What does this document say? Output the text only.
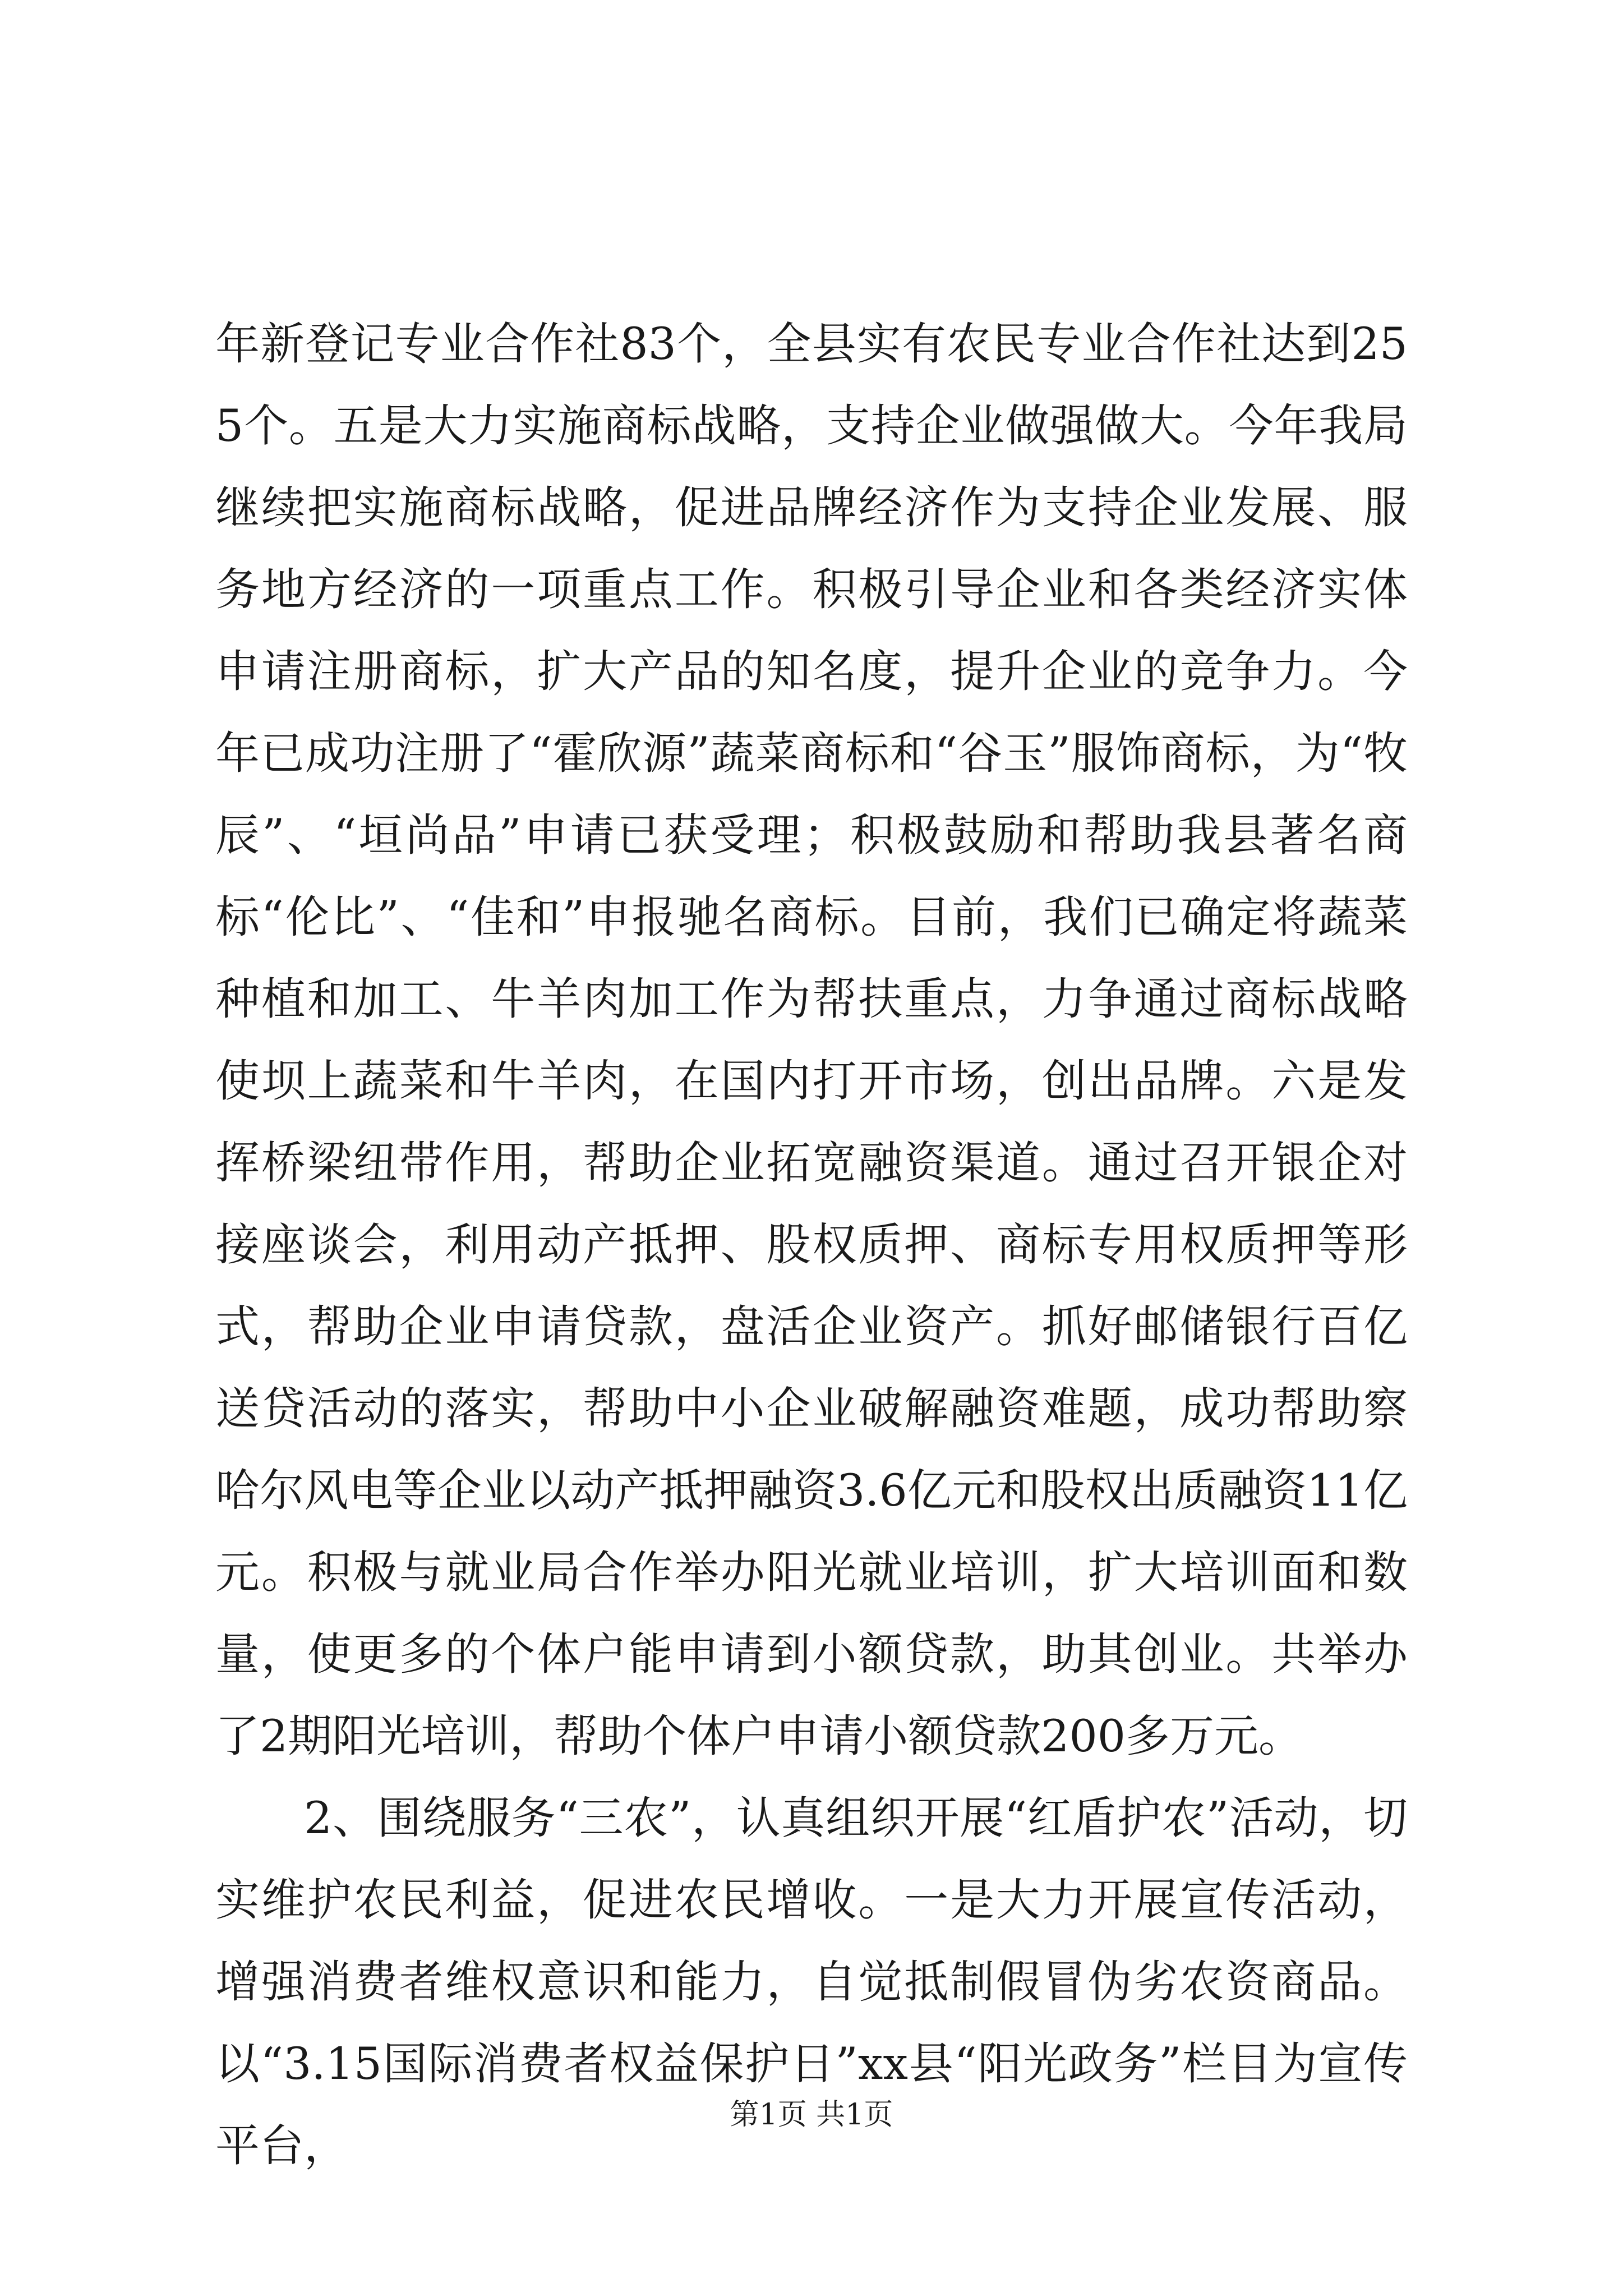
年新登记专业合作社83个，全县实有农民专业合作社达到255个。五是大力实施商标战略，支持企业做强做大。今年我局继续把实施商标战略，促进品牌经济作为支持企业发展、服务地方经济的一项重点工作。积极引导企业和各类经济实体申请注册商标，扩大产品的知名度，提升企业的竞争力。今年已成功注册了“霍欣源”蔬菜商标和“谷玉”服饰商标，为“牧辰”、“垣尚品”申请已获受理；积极鼓励和帮助我县著名商标“伦比”、“佳和”申报驰名商标。目前，我们已确定将蔬菜种植和加工、牛羊肉加工作为帮扶重点，力争通过商标战略使坝上蔬菜和牛羊肉，在国内打开市场，创出品牌。六是发挥桥梁纽带作用，帮助企业拓宽融资渠道。通过召开银企对接座谈会，利用动产抵押、股权质押、商标专用权质押等形式，帮助企业申请贷款，盘活企业资产。抓好邮储银行百亿送贷活动的落实，帮助中小企业破解融资难题，成功帮助察哈尔风电等企业以动产抵押融资3.6亿元和股权出质融资11亿元。积极与就业局合作举办阳光就业培训，扩大培训面和数量，使更多的个体户能申请到小额贷款，助其创业。共举办了2期阳光培训，帮助个体户申请小额贷款200多万元。

2、围绕服务“三农”，认真组织开展“红盾护农”活动，切实维护农民利益，促进农民增收。一是大力开展宣传活动，增强消费者维权意识和能力，自觉抵制假冒伪劣农资商品。以“3.15国际消费者权益保护日”xx县“阳光政务”栏目为宣传平台，

第1页 共1页
